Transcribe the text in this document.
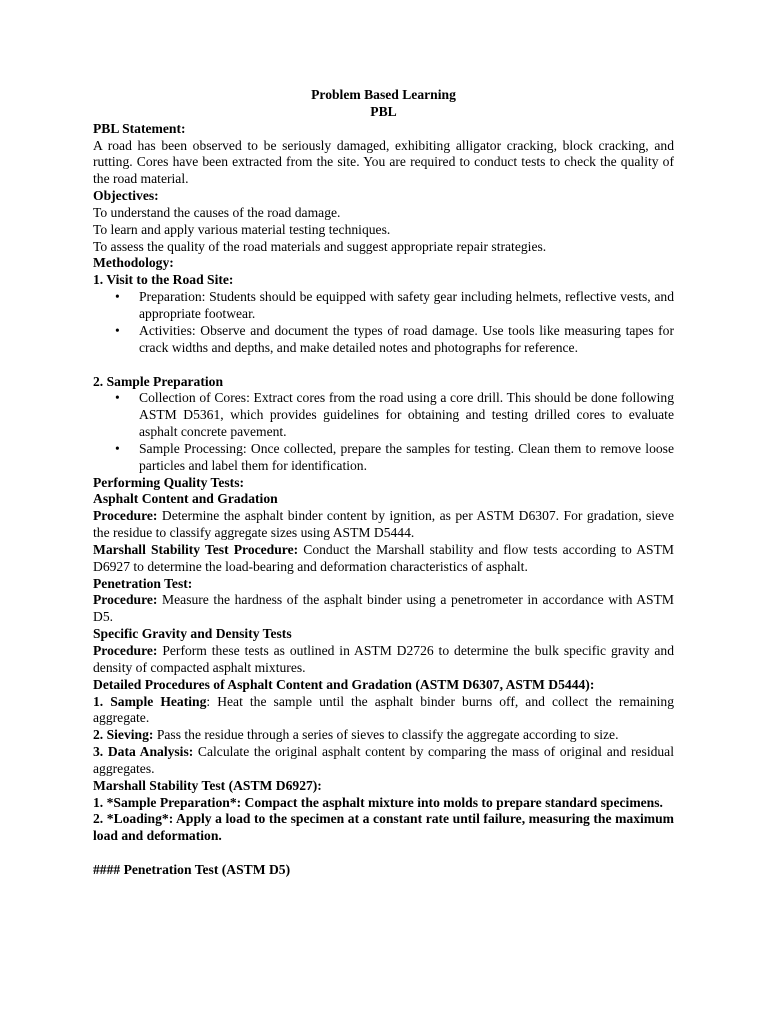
Problem Based Learning
PBL

PBL Statement:

A road has been observed to be seriously damaged, exhibiting alligator cracking, block cracking, and rutting. Cores have been extracted from the site. You are required to conduct tests to check the quality of the road material.

Objectives:

To understand the causes of the road damage.

To learn and apply various material testing techniques.

To assess the quality of the road materials and suggest appropriate repair strategies.

Methodology:

1. Visit to the Road Site:

• Preparation: Students should be equipped with safety gear including helmets, reflective vests, and appropriate footwear.
• Activities: Observe and document the types of road damage. Use tools like measuring tapes for crack widths and depths, and make detailed notes and photographs for reference.

2. Sample Preparation

• Collection of Cores: Extract cores from the road using a core drill. This should be done following ASTM D5361, which provides guidelines for obtaining and testing drilled cores to evaluate asphalt concrete pavement.
• Sample Processing: Once collected, prepare the samples for testing. Clean them to remove loose particles and label them for identification.

Performing Quality Tests:

Asphalt Content and Gradation

Procedure: Determine the asphalt binder content by ignition, as per ASTM D6307. For gradation, sieve the residue to classify aggregate sizes using ASTM D5444.

Marshall Stability Test Procedure: Conduct the Marshall stability and flow tests according to ASTM D6927 to determine the load-bearing and deformation characteristics of asphalt.

Penetration Test:

Procedure: Measure the hardness of the asphalt binder using a penetrometer in accordance with ASTM D5.

Specific Gravity and Density Tests

Procedure: Perform these tests as outlined in ASTM D2726 to determine the bulk specific gravity and density of compacted asphalt mixtures.

Detailed Procedures of Asphalt Content and Gradation (ASTM D6307, ASTM D5444):

1. Sample Heating: Heat the sample until the asphalt binder burns off, and collect the remaining aggregate.

2. Sieving: Pass the residue through a series of sieves to classify the aggregate according to size.

3. Data Analysis: Calculate the original asphalt content by comparing the mass of original and residual aggregates.

Marshall Stability Test (ASTM D6927):

1. *Sample Preparation*: Compact the asphalt mixture into molds to prepare standard specimens.

2. *Loading*: Apply a load to the specimen at a constant rate until failure, measuring the maximum load and deformation.

#### Penetration Test (ASTM D5)
